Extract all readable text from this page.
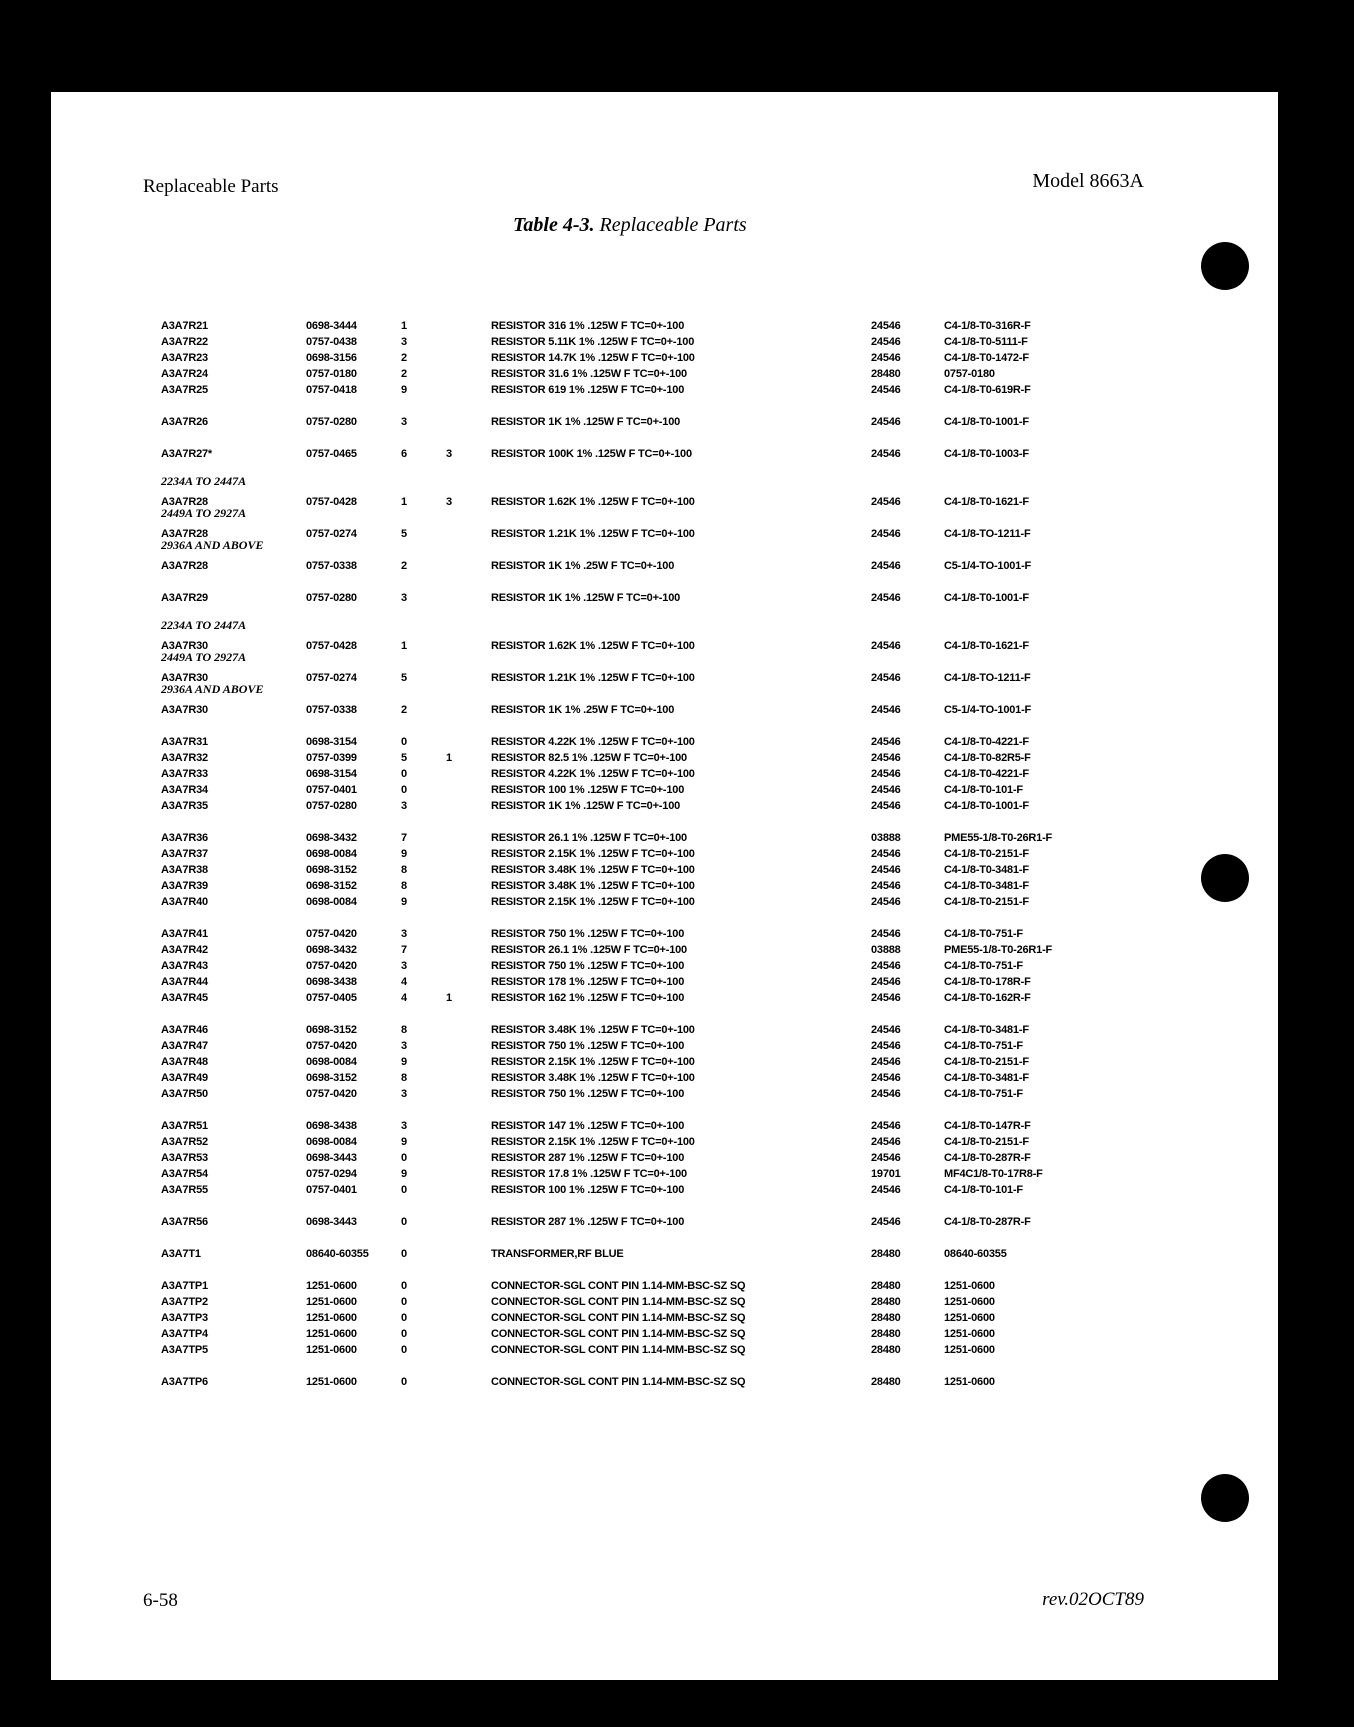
Replaceable Parts	Model 8663A
Table 4-3. Replaceable Parts
A3A7R21	0698-3444	1	RESISTOR 316 1% .125W F TC=0+-100	24546	C4-1/8-T0-316R-F
A3A7R22	0757-0438	3	RESISTOR 5.11K 1% .125W F TC=0+-100	24546	C4-1/8-T0-5111-F
A3A7R23	0698-3156	2	RESISTOR 14.7K 1% .125W F TC=0+-100	24546	C4-1/8-T0-1472-F
A3A7R24	0757-0180	2	RESISTOR 31.6 1% .125W F TC=0+-100	28480	0757-0180
A3A7R25	0757-0418	9	RESISTOR 619 1% .125W F TC=0+-100	24546	C4-1/8-T0-619R-F
A3A7R26	0757-0280	3	RESISTOR 1K 1% .125W F TC=0+-100	24546	C4-1/8-T0-1001-F
A3A7R27*	0757-0465	6	3	RESISTOR 100K 1% .125W F TC=0+-100	24546	C4-1/8-T0-1003-F
A3A7R28	0757-0428	1	3	RESISTOR 1.62K 1% .125W F TC=0+-100	24546	C4-1/8-T0-1621-F
A3A7R28	0757-0274	5	RESISTOR 1.21K 1% .125W F TC=0+-100	24546	C4-1/8-TO-1211-F
A3A7R28	0757-0338	2	RESISTOR 1K 1% .25W F TC=0+-100	24546	C5-1/4-TO-1001-F
A3A7R29	0757-0280	3	RESISTOR 1K 1% .125W F TC=0+-100	24546	C4-1/8-T0-1001-F
A3A7R30	0757-0428	1	RESISTOR 1.62K 1% .125W F TC=0+-100	24546	C4-1/8-T0-1621-F
A3A7R30	0757-0274	5	RESISTOR 1.21K 1% .125W F TC=0+-100	24546	C4-1/8-TO-1211-F
A3A7R30	0757-0338	2	RESISTOR 1K 1% .25W F TC=0+-100	24546	C5-1/4-TO-1001-F
A3A7R31	0698-3154	0	RESISTOR 4.22K 1% .125W F TC=0+-100	24546	C4-1/8-T0-4221-F
A3A7R32	0757-0399	5	1	RESISTOR 82.5 1% .125W F TC=0+-100	24546	C4-1/8-T0-82R5-F
A3A7R33	0698-3154	0	RESISTOR 4.22K 1% .125W F TC=0+-100	24546	C4-1/8-T0-4221-F
A3A7R34	0757-0401	0	RESISTOR 100 1% .125W F TC=0+-100	24546	C4-1/8-T0-101-F
A3A7R35	0757-0280	3	RESISTOR 1K 1% .125W F TC=0+-100	24546	C4-1/8-T0-1001-F
A3A7R36	0698-3432	7	RESISTOR 26.1 1% .125W F TC=0+-100	03888	PME55-1/8-T0-26R1-F
A3A7R37	0698-0084	9	RESISTOR 2.15K 1% .125W F TC=0+-100	24546	C4-1/8-T0-2151-F
A3A7R38	0698-3152	8	RESISTOR 3.48K 1% .125W F TC=0+-100	24546	C4-1/8-T0-3481-F
A3A7R39	0698-3152	8	RESISTOR 3.48K 1% .125W F TC=0+-100	24546	C4-1/8-T0-3481-F
A3A7R40	0698-0084	9	RESISTOR 2.15K 1% .125W F TC=0+-100	24546	C4-1/8-T0-2151-F
A3A7R41	0757-0420	3	RESISTOR 750 1% .125W F TC=0+-100	24546	C4-1/8-T0-751-F
A3A7R42	0698-3432	7	RESISTOR 26.1 1% .125W F TC=0+-100	03888	PME55-1/8-T0-26R1-F
A3A7R43	0757-0420	3	RESISTOR 750 1% .125W F TC=0+-100	24546	C4-1/8-T0-751-F
A3A7R44	0698-3438	4	RESISTOR 178 1% .125W F TC=0+-100	24546	C4-1/8-T0-178R-F
A3A7R45	0757-0405	4	1	RESISTOR 162 1% .125W F TC=0+-100	24546	C4-1/8-T0-162R-F
A3A7R46	0698-3152	8	RESISTOR 3.48K 1% .125W F TC=0+-100	24546	C4-1/8-T0-3481-F
A3A7R47	0757-0420	3	RESISTOR 750 1% .125W F TC=0+-100	24546	C4-1/8-T0-751-F
A3A7R48	0698-0084	9	RESISTOR 2.15K 1% .125W F TC=0+-100	24546	C4-1/8-T0-2151-F
A3A7R49	0698-3152	8	RESISTOR 3.48K 1% .125W F TC=0+-100	24546	C4-1/8-T0-3481-F
A3A7R50	0757-0420	3	RESISTOR 750 1% .125W F TC=0+-100	24546	C4-1/8-T0-751-F
A3A7R51	0698-3438	3	RESISTOR 147 1% .125W F TC=0+-100	24546	C4-1/8-T0-147R-F
A3A7R52	0698-0084	9	RESISTOR 2.15K 1% .125W F TC=0+-100	24546	C4-1/8-T0-2151-F
A3A7R53	0698-3443	0	RESISTOR 287 1% .125W F TC=0+-100	24546	C4-1/8-T0-287R-F
A3A7R54	0757-0294	9	RESISTOR 17.8 1% .125W F TC=0+-100	19701	MF4C1/8-T0-17R8-F
A3A7R55	0757-0401	0	RESISTOR 100 1% .125W F TC=0+-100	24546	C4-1/8-T0-101-F
A3A7R56	0698-3443	0	RESISTOR 287 1% .125W F TC=0+-100	24546	C4-1/8-T0-287R-F
A3A7T1	08640-60355	0	TRANSFORMER,RF BLUE	28480	08640-60355
A3A7TP1	1251-0600	0	CONNECTOR-SGL CONT PIN 1.14-MM-BSC-SZ SQ	28480	1251-0600
A3A7TP2	1251-0600	0	CONNECTOR-SGL CONT PIN 1.14-MM-BSC-SZ SQ	28480	1251-0600
A3A7TP3	1251-0600	0	CONNECTOR-SGL CONT PIN 1.14-MM-BSC-SZ SQ	28480	1251-0600
A3A7TP4	1251-0600	0	CONNECTOR-SGL CONT PIN 1.14-MM-BSC-SZ SQ	28480	1251-0600
A3A7TP5	1251-0600	0	CONNECTOR-SGL CONT PIN 1.14-MM-BSC-SZ SQ	28480	1251-0600
A3A7TP6	1251-0600	0	CONNECTOR-SGL CONT PIN 1.14-MM-BSC-SZ SQ	28480	1251-0600
2234A TO 2447A
2449A TO 2927A
2936A AND ABOVE
2234A TO 2447A
2449A TO 2927A
2936A AND ABOVE
6-58	rev.02OCT89
